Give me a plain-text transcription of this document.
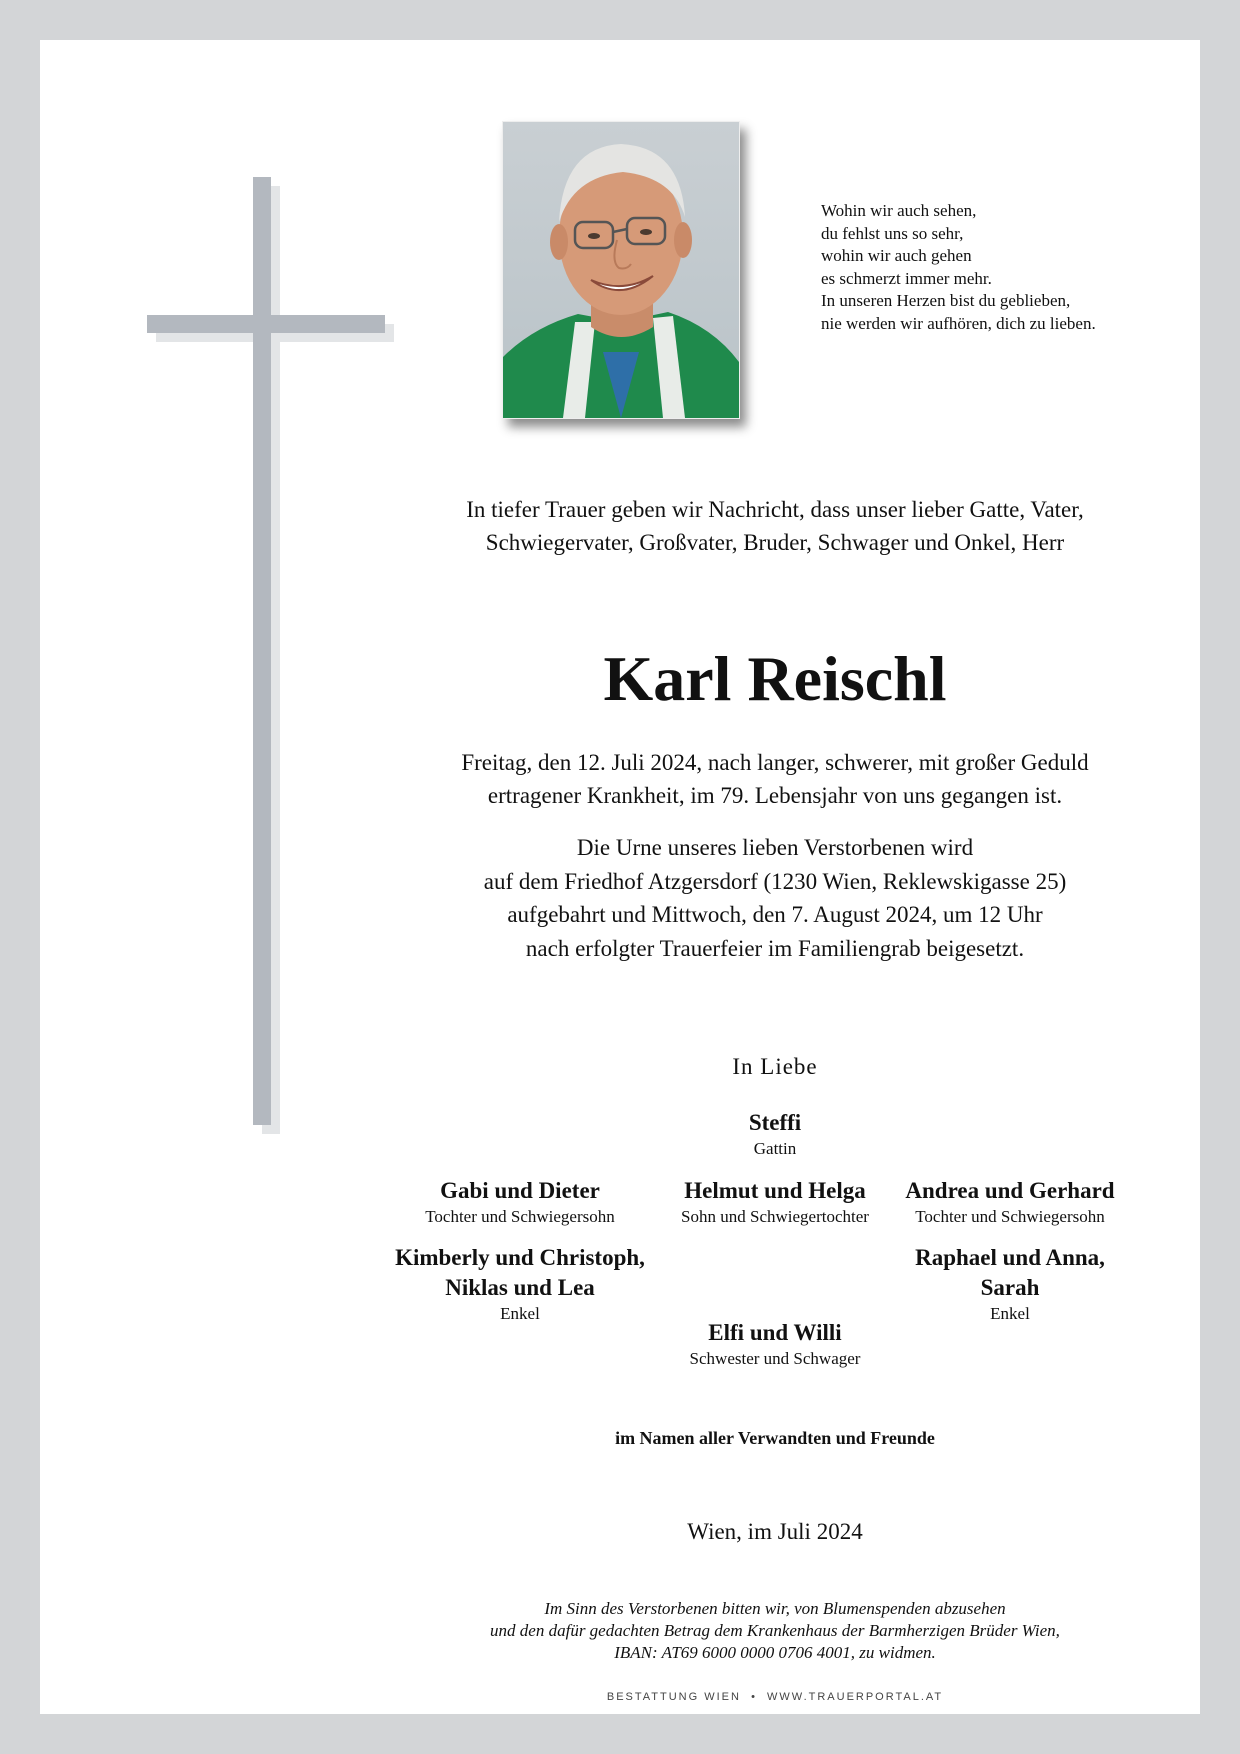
Wohin wir auch sehen,
du fehlst uns so sehr,
wohin wir auch gehen
es schmerzt immer mehr.
In unseren Herzen bist du geblieben,
nie werden wir aufhören, dich zu lieben.
In tiefer Trauer geben wir Nachricht, dass unser lieber Gatte, Vater,
Schwiegervater, Großvater, Bruder, Schwager und Onkel, Herr
Karl Reischl
Freitag, den 12. Juli 2024, nach langer, schwerer, mit großer Geduld
ertragener Krankheit, im 79. Lebensjahr von uns gegangen ist.
Die Urne unseres lieben Verstorbenen wird
auf dem Friedhof Atzgersdorf (1230 Wien, Reklewskigasse 25)
aufgebahrt und Mittwoch, den 7. August 2024, um 12 Uhr
nach erfolgter Trauerfeier im Familiengrab beigesetzt.
In Liebe
Steffi
Gattin
Gabi und Dieter
Tochter und Schwiegersohn
Helmut und Helga
Sohn und Schwiegertochter
Andrea und Gerhard
Tochter und Schwiegersohn
Kimberly und Christoph,
Niklas und Lea
Enkel
Raphael und Anna,
Sarah
Enkel
Elfi und Willi
Schwester und Schwager
im Namen aller Verwandten und Freunde
Wien, im Juli 2024
Im Sinn des Verstorbenen bitten wir, von Blumenspenden abzusehen
und den dafür gedachten Betrag dem Krankenhaus der Barmherzigen Brüder Wien,
IBAN: AT69 6000 0000 0706 4001, zu widmen.
BESTATTUNG WIEN  •  WWW.TRAUERPORTAL.AT
